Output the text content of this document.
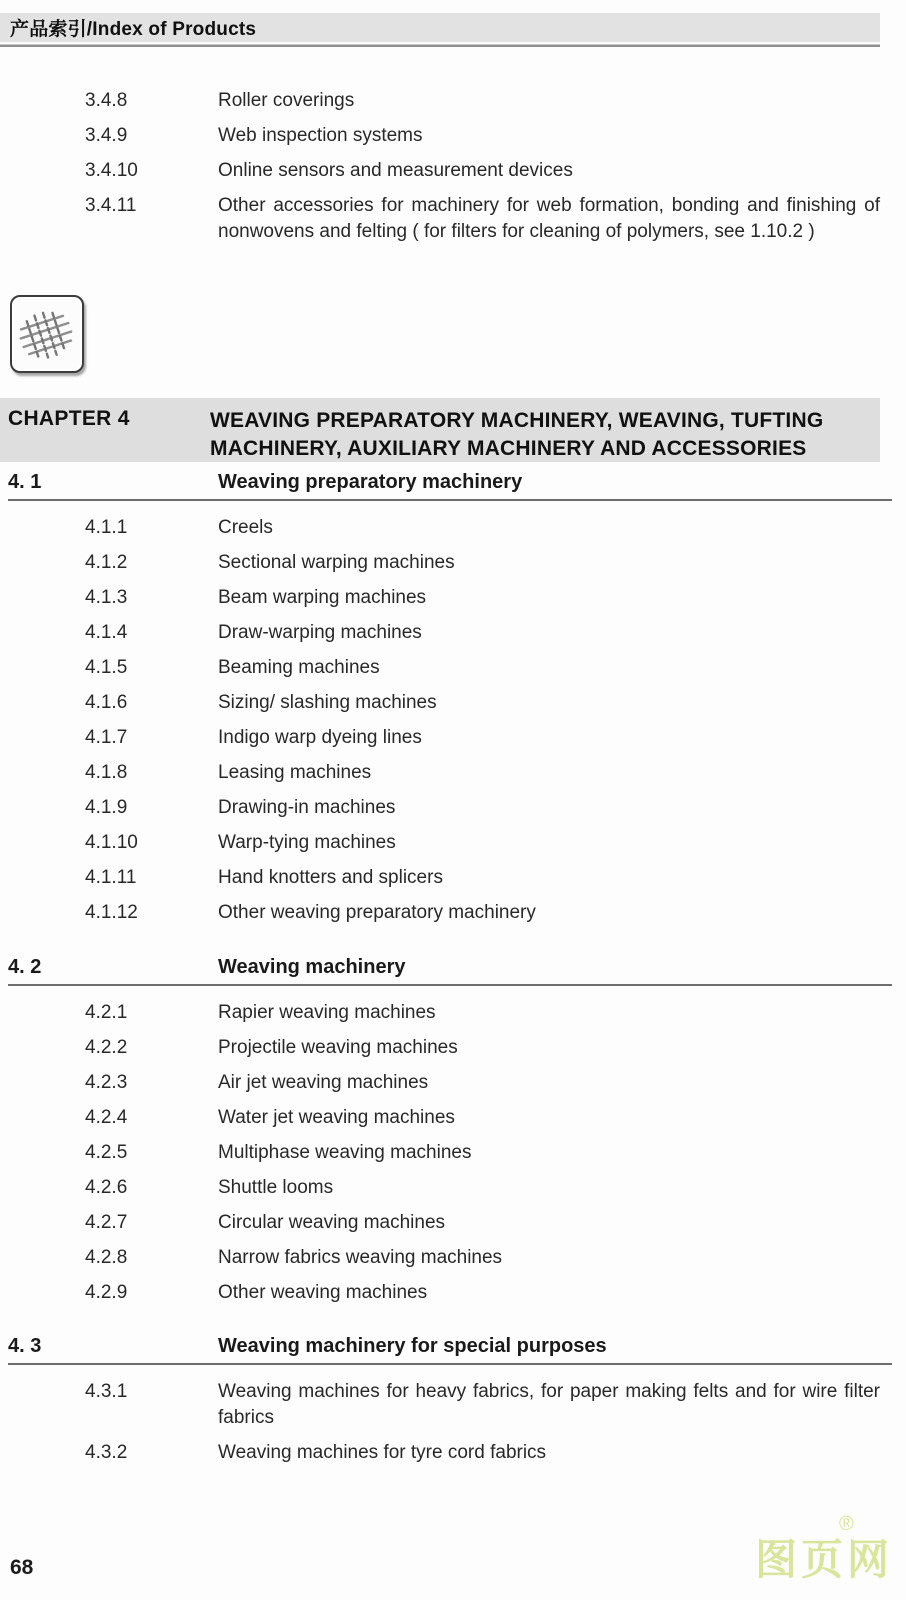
产品索引/Index of Products
3.4.8	Roller coverings
3.4.9	Web inspection systems
3.4.10	Online sensors and measurement devices
3.4.11	Other accessories for machinery for web formation, bonding and finishing of nonwovens and felting ( for filters for cleaning of polymers, see 1.10.2 )
CHAPTER 4	WEAVING PREPARATORY MACHINERY, WEAVING, TUFTING
MACHINERY, AUXILIARY MACHINERY AND ACCESSORIES
4. 1	Weaving preparatory machinery
4.1.1	Creels
4.1.2	Sectional warping machines
4.1.3	Beam warping machines
4.1.4	Draw-warping machines
4.1.5	Beaming machines
4.1.6	Sizing/ slashing machines
4.1.7	Indigo warp dyeing lines
4.1.8	Leasing machines
4.1.9	Drawing-in machines
4.1.10	Warp-tying machines
4.1.11	Hand knotters and splicers
4.1.12	Other weaving preparatory machinery
4. 2	Weaving machinery
4.2.1	Rapier weaving machines
4.2.2	Projectile weaving machines
4.2.3	Air jet weaving machines
4.2.4	Water jet weaving machines
4.2.5	Multiphase weaving machines
4.2.6	Shuttle looms
4.2.7	Circular weaving machines
4.2.8	Narrow fabrics weaving machines
4.2.9	Other weaving machines
4. 3	Weaving machinery for special purposes
4.3.1	Weaving machines for heavy fabrics, for paper making felts and for wire filter fabrics
4.3.2	Weaving machines for tyre cord fabrics
68	图页网
®
